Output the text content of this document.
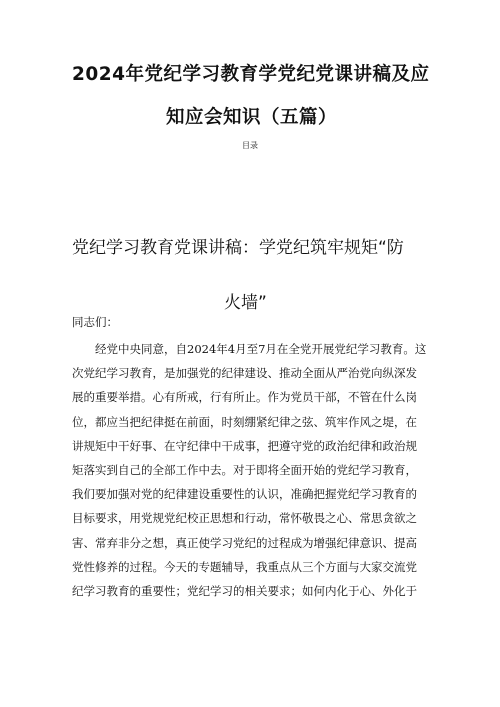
2024年党纪学习教育学党纪党课讲稿及应
知应会知识（五篇）
目录
党纪学习教育党课讲稿：学党纪筑牢规矩“防
火墙”
同志们：
　　经党中央同意，自2024年4月至7月在全党开展党纪学习教育。这
次党纪学习教育，是加强党的纪律建设、推动全面从严治党向纵深发
展的重要举措。心有所戒，行有所止。作为党员干部，不管在什么岗
位，都应当把纪律挺在前面，时刻绷紧纪律之弦、筑牢作风之堤，在
讲规矩中干好事、在守纪律中干成事，把遵守党的政治纪律和政治规
矩落实到自己的全部工作中去。对于即将全面开始的党纪学习教育，
我们要加强对党的纪律建设重要性的认识，准确把握党纪学习教育的
目标要求，用党规党纪校正思想和行动，常怀敬畏之心、常思贪欲之
害、常弃非分之想，真正使学习党纪的过程成为增强纪律意识、提高
党性修养的过程。今天的专题辅导，我重点从三个方面与大家交流党
纪学习教育的重要性；党纪学习的相关要求；如何内化于心、外化于
